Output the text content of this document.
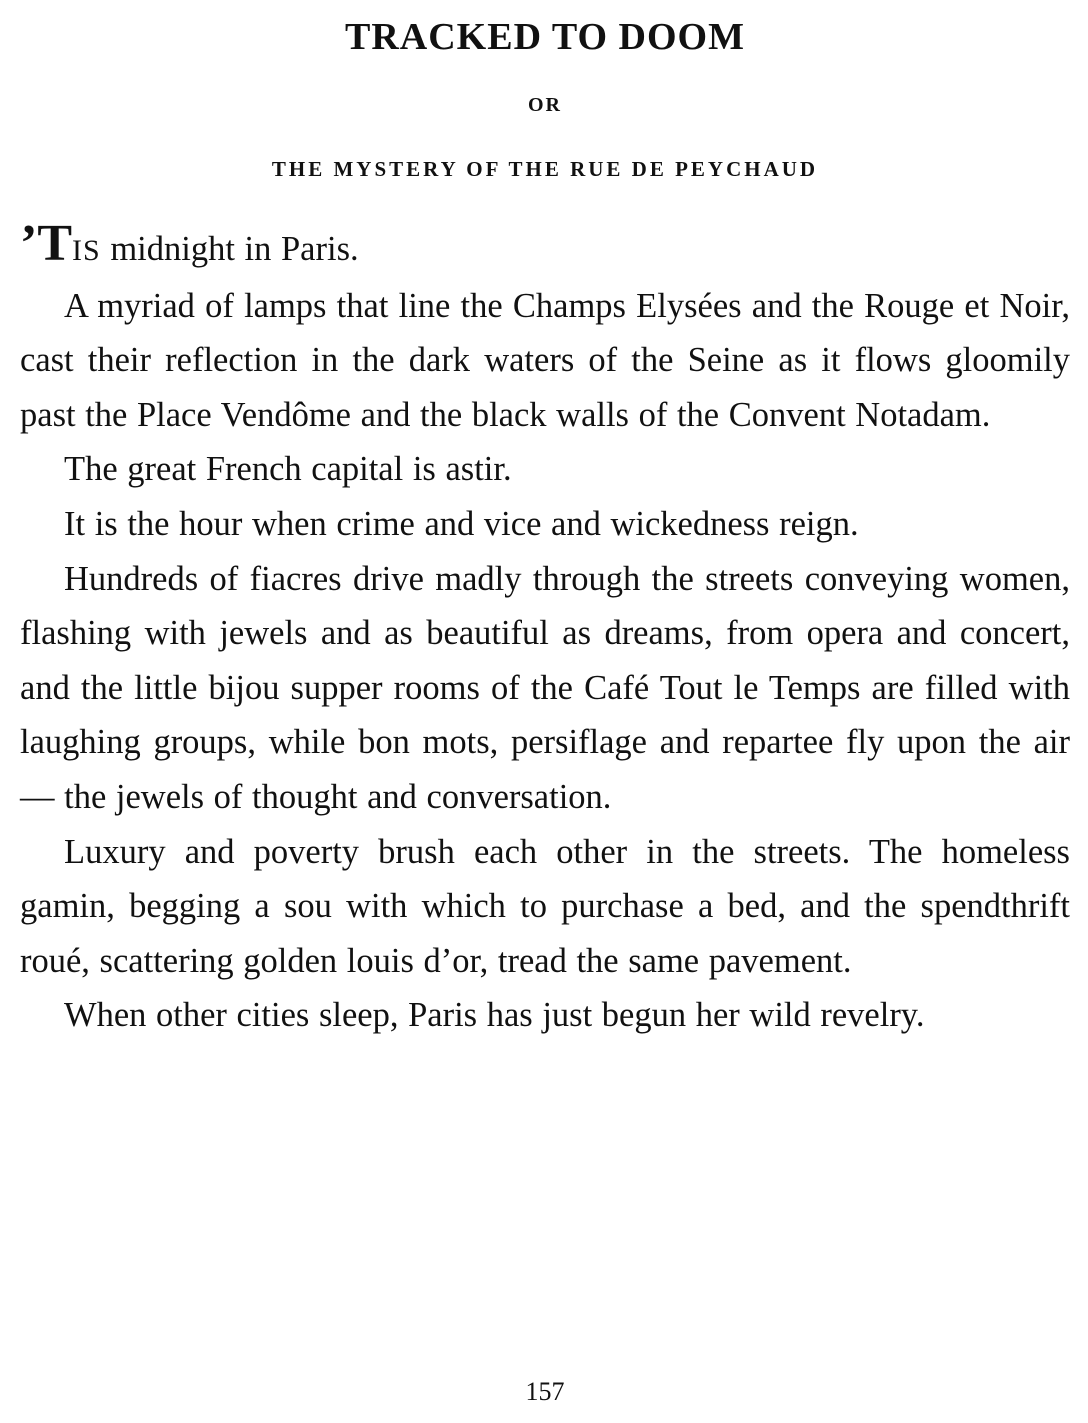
TRACKED TO DOOM
OR
THE MYSTERY OF THE RUE DE PEYCHAUD

’TIS midnight in Paris.

A myriad of lamps that line the Champs Elysées and the Rouge et Noir, cast their reflection in the dark waters of the Seine as it flows gloomily past the Place Vendôme and the black walls of the Convent Notadam.

The great French capital is astir.

It is the hour when crime and vice and wickedness reign.

Hundreds of fiacres drive madly through the streets conveying women, flashing with jewels and as beautiful as dreams, from opera and concert, and the little bijou supper rooms of the Café Tout le Temps are filled with laughing groups, while bon mots, persiflage and repartee fly upon the air — the jewels of thought and conversation.

Luxury and poverty brush each other in the streets. The homeless gamin, begging a sou with which to purchase a bed, and the spendthrift roué, scattering golden louis d’or, tread the same pavement.

When other cities sleep, Paris has just begun her wild revelry.

157
